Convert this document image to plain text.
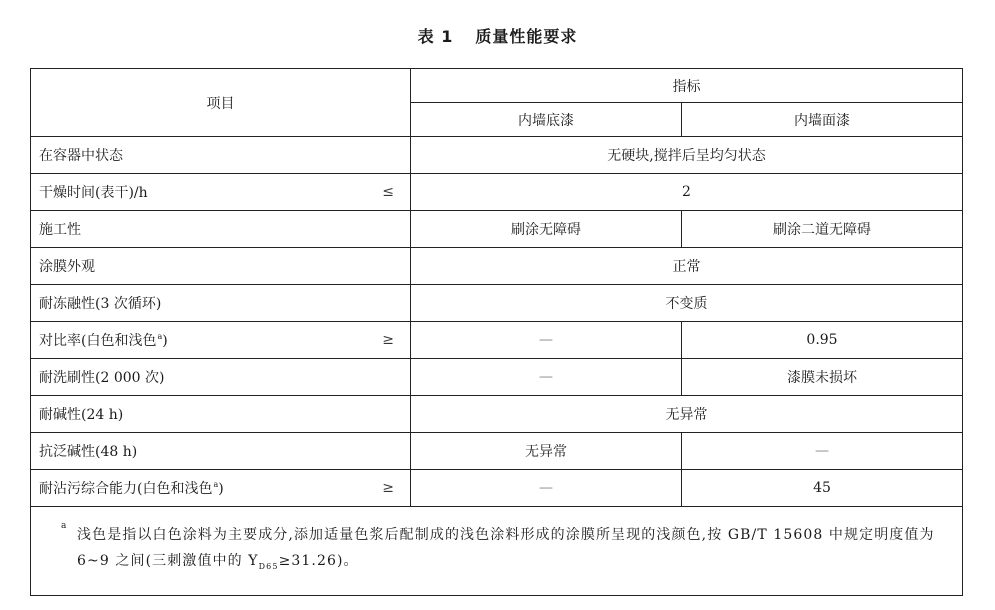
表 1 质量性能要求
项目	指标	
	内墙底漆	内墙面漆
在容器中状态	无硬块,搅拌后呈均匀状态	
干燥时间(表干)/h ≤	2	
施工性	刷涂无障碍	刷涂二道无障碍
涂膜外观	正常	
耐冻融性(3 次循环)	不变质	
对比率(白色和浅色$^a$) ≥	—	0.95
耐洗刷性(2 000 次)	—	漆膜未损坏
耐碱性(24 h)	无异常	
抗泛碱性(48 h)	无异常	—
耐沾污综合能力(白色和浅色$^a$) ≥	—	45

a
浅色是指以白色涂料为主要成分,添加适量色浆后配制成的浅色涂料形成的涂膜所呈现的浅颜色,按 GB/T 15608 中规定明度值为 6~9 之间(三刺激值中的 $Y_{D65}\ge 31.26$)。		
